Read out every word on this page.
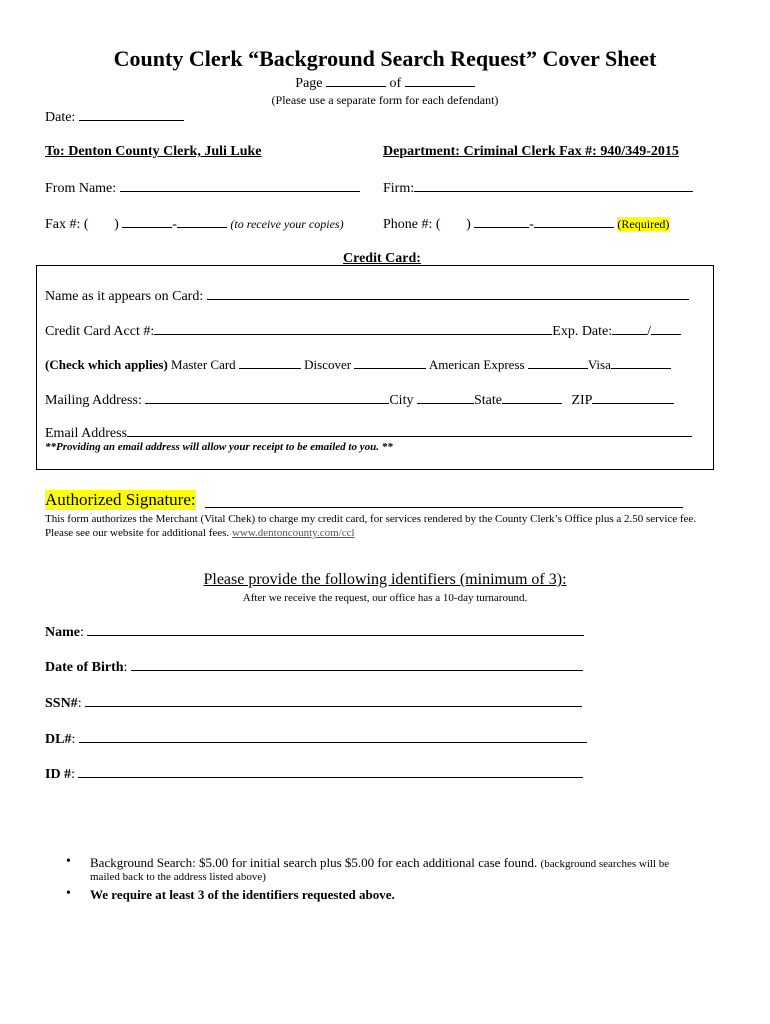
County Clerk “Background Search Request” Cover Sheet
Page	of
(Please use a separate form for each defendant)
Date:
To: Denton County Clerk, Juli Luke	Department: Criminal Clerk Fax #: 940/349-2015
From Name:	Firm:
Fax #: ( )	-	(to receive your copies)	Phone #: ( )	-	(Required)
Credit Card:
Name as it appears on Card:
Credit Card Acct #:	Exp. Date:	/
(Check which applies) Master Card	Discover	American Express	Visa
Mailing Address:	City	State	ZIP
Email Address
**Providing an email address will allow your receipt to be emailed to you. **
Authorized Signature:
This form authorizes the Merchant (Vital Chek) to charge my credit card, for services rendered by the County Clerk’s Office plus a 2.50 service fee.
Please see our website for additional fees. www.dentoncounty.com/ccl
Please provide the following identifiers (minimum of 3):
After we receive the request, our office has a 10-day turnaround.
Name:
Date of Birth:
SSN#:
DL#:
ID #:
• Background Search: $5.00 for initial search plus $5.00 for each additional case found. (background searches will be
mailed back to the address listed above)
• We require at least 3 of the identifiers requested above.
